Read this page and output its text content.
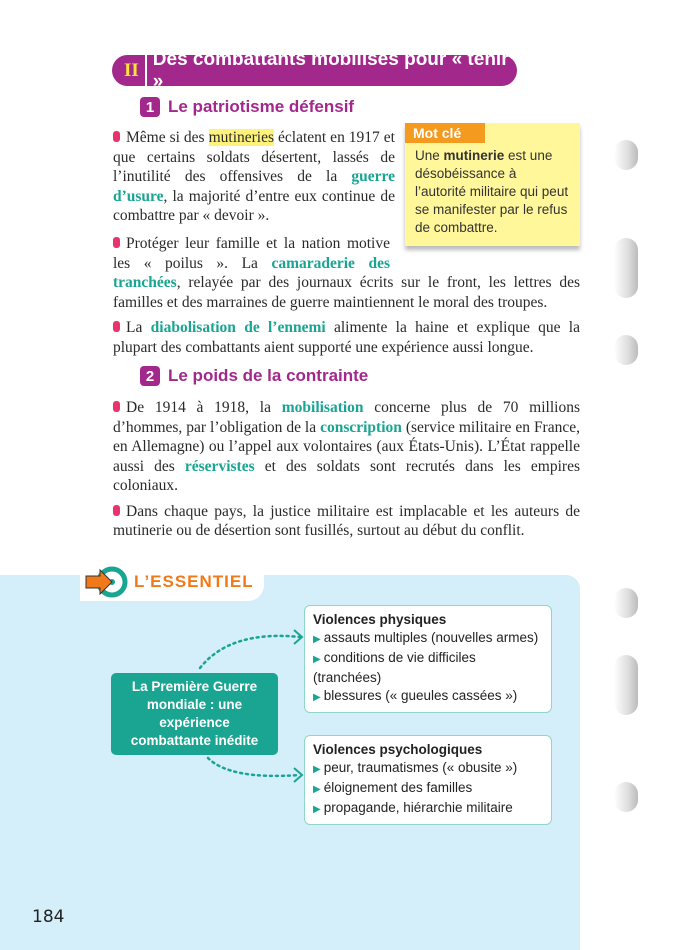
II
Des combattants mobilisés pour « tenir »
1 Le patriotisme défensif

Même si des mutineries éclatent en 1917 et que certains soldats désertent, lassés de l’inutilité des offensives de la guerre d’usure, la majorité d’entre eux continue de combattre par « devoir ».

Protéger leur famille et la nation motive les « poilus ». La camaraderie des tranchées, relayée par des journaux écrits sur le front, les lettres des familles et des marraines de guerre maintiennent le moral des troupes.

La diabolisation de l’ennemi alimente la haine et explique que la plupart des combattants aient supporté une expérience aussi longue.

Mot clé
Une mutinerie est une désobéissance à l’autorité militaire qui peut se manifester par le refus de combattre.
2 Le poids de la contrainte

De 1914 à 1918, la mobilisation concerne plus de 70 millions d’hommes, par l’obligation de la conscription (service militaire en France, en Allemagne) ou l’appel aux volontaires (aux États-Unis). L’État rappelle aussi des réservistes et des soldats sont recrutés dans les empires coloniaux.

Dans chaque pays, la justice militaire est implacable et les auteurs de mutinerie ou de désertion sont fusillés, surtout au début du conflit.

L’ESSENTIEL
La Première Guerre mondiale : une expérience combattante inédite
Violences physiques
▶ assauts multiples (nouvelles armes)
▶ conditions de vie difficiles (tranchées)
▶ blessures (« gueules cassées »)
Violences psychologiques
▶ peur, traumatismes (« obusite »)
▶ éloignement des familles
▶ propagande, hiérarchie militaire
184
